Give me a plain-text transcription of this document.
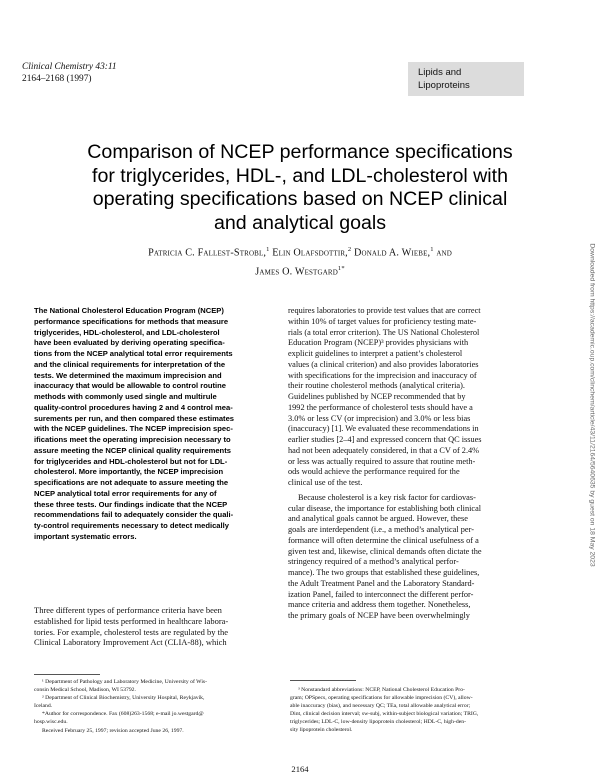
Clinical Chemistry 43:11
2164–2168 (1997)
Lipids and
Lipoproteins
Comparison of NCEP performance specifications
for triglycerides, HDL-, and LDL-cholesterol with
operating specifications based on NCEP clinical
and analytical goals
Patricia C. Fallest-Strobl,$^1$ Elin Olafsdottir,$^2$ Donald A. Wiebe,$^1$ and
James O. Westgard$^{1*}$
The National Cholesterol Education Program (NCEP)
performance specifications for methods that measure
triglycerides, HDL-cholesterol, and LDL-cholesterol
have been evaluated by deriving operating specifica-
tions from the NCEP analytical total error requirements
and the clinical requirements for interpretation of the
tests. We determined the maximum imprecision and
inaccuracy that would be allowable to control routine
methods with commonly used single and multirule
quality-control procedures having 2 and 4 control mea-
surements per run, and then compared these estimates
with the NCEP guidelines. The NCEP imprecision spec-
ifications meet the operating imprecision necessary to
assure meeting the NCEP clinical quality requirements
for triglycerides and HDL-cholesterol but not for LDL-
cholesterol. More importantly, the NCEP imprecision
specifications are not adequate to assure meeting the
NCEP analytical total error requirements for any of
these three tests. Our findings indicate that the NCEP
recommendations fail to adequately consider the quali-
ty-control requirements necessary to detect medically
important systematic errors.
Three different types of performance criteria have been
established for lipid tests performed in healthcare labora-
tories. For example, cholesterol tests are regulated by the
Clinical Laboratory Improvement Act (CLIA-88), which
requires laboratories to provide test values that are correct
within 10% of target values for proficiency testing mate-
rials (a total error criterion). The US National Cholesterol
Education Program (NCEP)³ provides physicians with
explicit guidelines to interpret a patient’s cholesterol
values (a clinical criterion) and also provides laboratories
with specifications for the imprecision and inaccuracy of
their routine cholesterol methods (analytical criteria).
Guidelines published by NCEP recommended that by
1992 the performance of cholesterol tests should have a
3.0% or less CV (or imprecision) and 3.0% or less bias
(inaccuracy) [1]. We evaluated these recommendations in
earlier studies [2–4] and expressed concern that QC issues
had not been adequately considered, in that a CV of 2.4%
or less was actually required to assure that routine meth-
ods would achieve the performance required for the
clinical use of the test.
Because cholesterol is a key risk factor for cardiovas-
cular disease, the importance for establishing both clinical
and analytical goals cannot be argued. However, these
goals are interdependent (i.e., a method’s analytical per-
formance will often determine the clinical usefulness of a
given test and, likewise, clinical demands often dictate the
stringency required of a method’s analytical perfor-
mance). The two groups that established these guidelines,
the Adult Treatment Panel and the Laboratory Standard-
ization Panel, failed to interconnect the different perfor-
mance criteria and address them together. Nonetheless,
the primary goals of NCEP have been overwhelmingly
¹ Department of Pathology and Laboratory Medicine, University of Wis-
consin Medical School, Madison, WI 53792.
² Department of Clinical Biochemistry, University Hospital, Reykjavík,
Iceland.
*Author for correspondence. Fax (608)263-1568; e-mail jo.westgard@
hosp.wisc.edu.
Received February 25, 1997; revision accepted June 26, 1997.
³ Nonstandard abbreviations: NCEP, National Cholesterol Education Pro-
gram; OPSpecs, operating specifications for allowable imprecision (CV), allow-
able inaccuracy (bias), and necessary QC; TEa, total allowable analytical error;
Dint, clinical decision interval; sw-subj, within-subject biological variation; TRIG,
triglycerides; LDL-C, low-density lipoprotein cholesterol; HDL-C, high-den-
sity lipoprotein cholesterol.
2164
Downloaded from https://academic.oup.com/clinchem/article/43/11/2164/5640635 by guest on 18 May 2023
